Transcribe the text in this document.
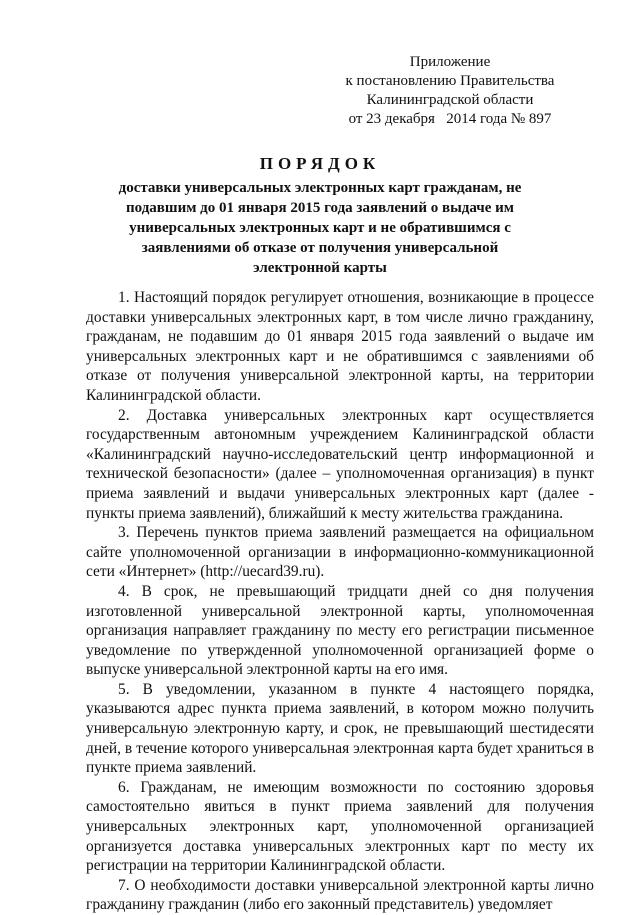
Приложение
к постановлению Правительства
Калининградской области
от 23 декабря 2014 года № 897
ПОРЯДОК
доставки универсальных электронных карт гражданам, не подавшим до 01 января 2015 года заявлений о выдаче им универсальных электронных карт и не обратившимся с заявлениями об отказе от получения универсальной электронной карты

1. Настоящий порядок регулирует отношения, возникающие в процессе доставки универсальных электронных карт, в том числе лично гражданину, гражданам, не подавшим до 01 января 2015 года заявлений о выдаче им универсальных электронных карт и не обратившимся с заявлениями об отказе от получения универсальной электронной карты, на территории Калининградской области.

2. Доставка универсальных электронных карт осуществляется государственным автономным учреждением Калининградской области «Калининградский научно-исследовательский центр информационной и технической безопасности» (далее – уполномоченная организация) в пункт приема заявлений и выдачи универсальных электронных карт (далее - пункты приема заявлений), ближайший к месту жительства гражданина.

3. Перечень пунктов приема заявлений размещается на официальном сайте уполномоченной организации в информационно-коммуникационной сети «Интернет» (http://uecard39.ru).

4. В срок, не превышающий тридцати дней со дня получения изготовленной универсальной электронной карты, уполномоченная организация направляет гражданину по месту его регистрации письменное уведомление по утвержденной уполномоченной организацией форме о выпуске универсальной электронной карты на его имя.

5. В уведомлении, указанном в пункте 4 настоящего порядка, указываются адрес пункта приема заявлений, в котором можно получить универсальную электронную карту, и срок, не превышающий шестидесяти дней, в течение которого универсальная электронная карта будет храниться в пункте приема заявлений.

6. Гражданам, не имеющим возможности по состоянию здоровья самостоятельно явиться в пункт приема заявлений для получения универсальных электронных карт, уполномоченной организацией организуется доставка универсальных электронных карт по месту их регистрации на территории Калининградской области.

7. О необходимости доставки универсальной электронной карты лично гражданину гражданин (либо его законный представитель) уведомляет
